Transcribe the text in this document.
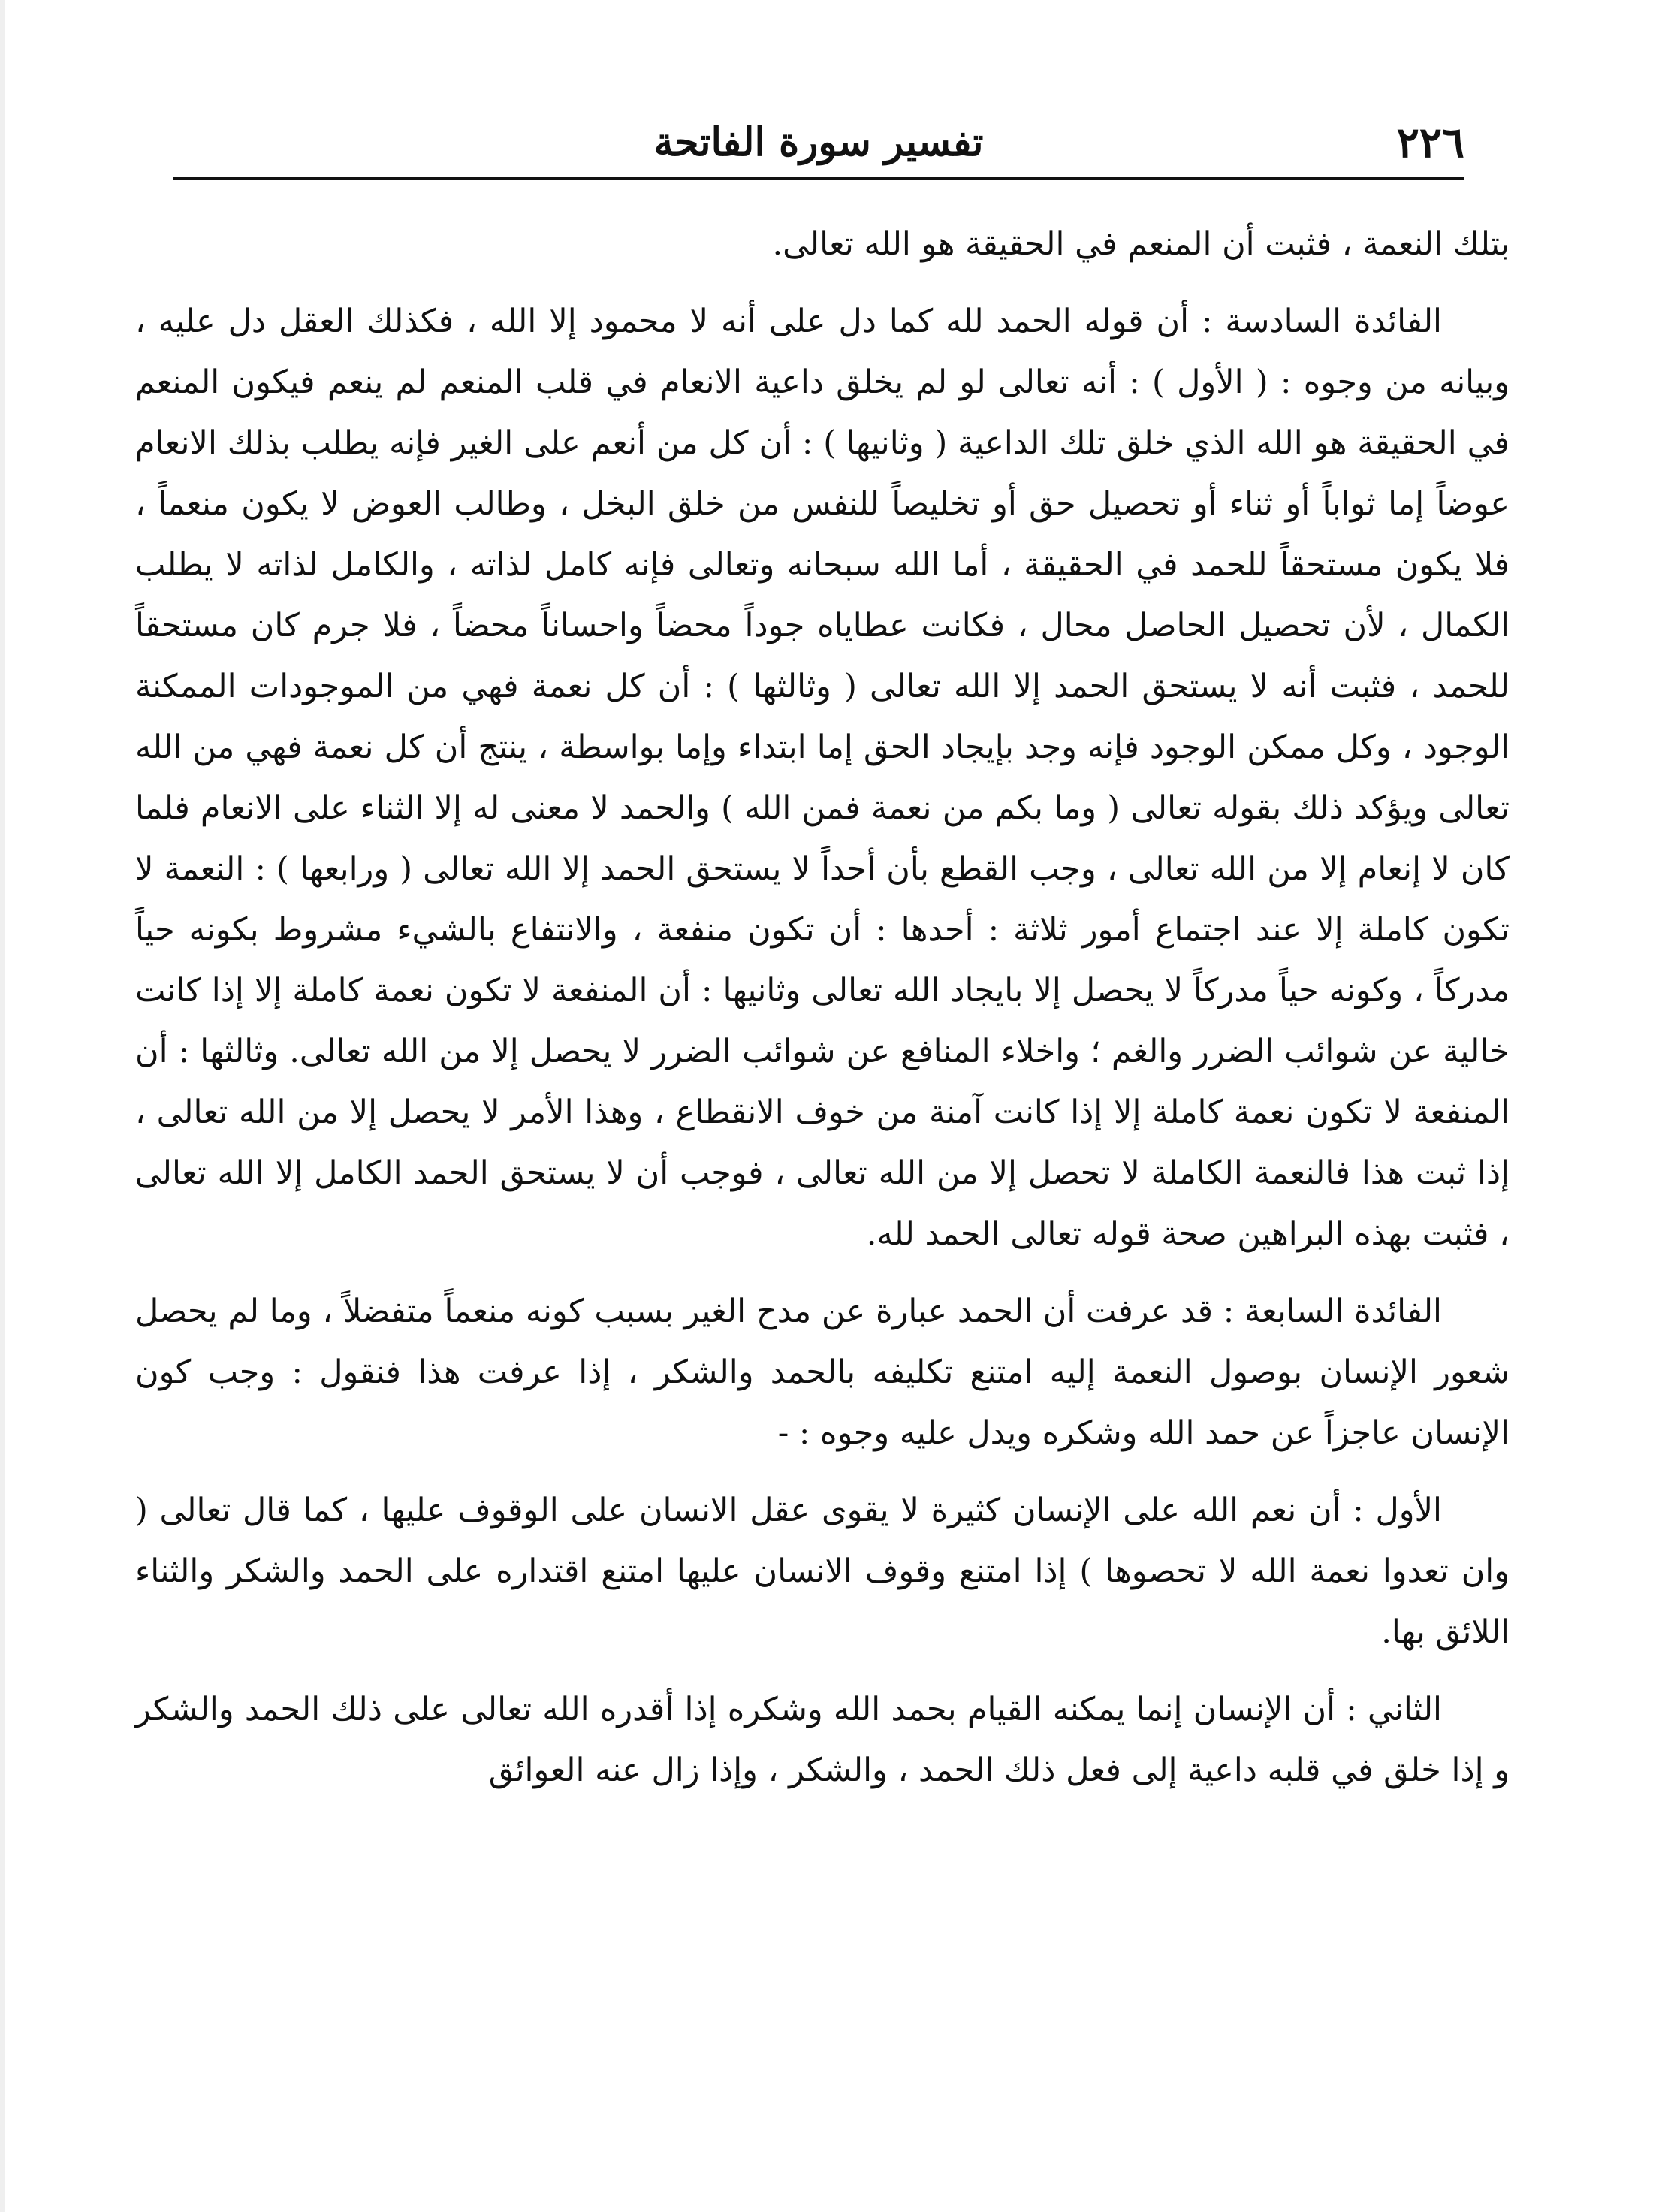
٢٢٦
تفسير سورة الفاتحة

بتلك النعمة ، فثبت أن المنعم في الحقيقة هو الله تعالى.

الفائدة السادسة : أن قوله الحمد لله كما دل على أنه لا محمود إلا الله ، فكذلك العقل دل عليه ، وبيانه من وجوه : ( الأول ) : أنه تعالى لو لم يخلق داعية الانعام في قلب المنعم لم ينعم فيكون المنعم في الحقيقة هو الله الذي خلق تلك الداعية ( وثانيها ) : أن كل من أنعم على الغير فإنه يطلب بذلك الانعام عوضاً إما ثواباً أو ثناء أو تحصيل حق أو تخليصاً للنفس من خلق البخل ، وطالب العوض لا يكون منعماً ، فلا يكون مستحقاً للحمد في الحقيقة ، أما الله سبحانه وتعالى فإنه كامل لذاته ، والكامل لذاته لا يطلب الكمال ، لأن تحصيل الحاصل محال ، فكانت عطاياه جوداً محضاً واحساناً محضاً ، فلا جرم كان مستحقاً للحمد ، فثبت أنه لا يستحق الحمد إلا الله تعالى ( وثالثها ) : أن كل نعمة فهي من الموجودات الممكنة الوجود ، وكل ممكن الوجود فإنه وجد بإيجاد الحق إما ابتداء وإما بواسطة ، ينتج أن كل نعمة فهي من الله تعالى ويؤكد ذلك بقوله تعالى ( وما بكم من نعمة فمن الله ) والحمد لا معنى له إلا الثناء على الانعام فلما كان لا إنعام إلا من الله تعالى ، وجب القطع بأن أحداً لا يستحق الحمد إلا الله تعالى ( ورابعها ) : النعمة لا تكون كاملة إلا عند اجتماع أمور ثلاثة : أحدها : أن تكون منفعة ، والانتفاع بالشيء مشروط بكونه حياً مدركاً ، وكونه حياً مدركاً لا يحصل إلا بايجاد الله تعالى وثانيها : أن المنفعة لا تكون نعمة كاملة إلا إذا كانت خالية عن شوائب الضرر والغم ؛ واخلاء المنافع عن شوائب الضرر لا يحصل إلا من الله تعالى. وثالثها : أن المنفعة لا تكون نعمة كاملة إلا إذا كانت آمنة من خوف الانقطاع ، وهذا الأمر لا يحصل إلا من الله تعالى ، إذا ثبت هذا فالنعمة الكاملة لا تحصل إلا من الله تعالى ، فوجب أن لا يستحق الحمد الكامل إلا الله تعالى ، فثبت بهذه البراهين صحة قوله تعالى الحمد لله.

الفائدة السابعة : قد عرفت أن الحمد عبارة عن مدح الغير بسبب كونه منعماً متفضلاً ، وما لم يحصل شعور الإنسان بوصول النعمة إليه امتنع تكليفه بالحمد والشكر ، إذا عرفت هذا فنقول : وجب كون الإنسان عاجزاً عن حمد الله وشكره ويدل عليه وجوه : -

الأول : أن نعم الله على الإنسان كثيرة لا يقوى عقل الانسان على الوقوف عليها ، كما قال تعالى ( وان تعدوا نعمة الله لا تحصوها ) إذا امتنع وقوف الانسان عليها امتنع اقتداره على الحمد والشكر والثناء اللائق بها.

الثاني : أن الإنسان إنما يمكنه القيام بحمد الله وشكره إذا أقدره الله تعالى على ذلك الحمد والشكر و إذا خلق في قلبه داعية إلى فعل ذلك الحمد ، والشكر ، وإذا زال عنه العوائق
